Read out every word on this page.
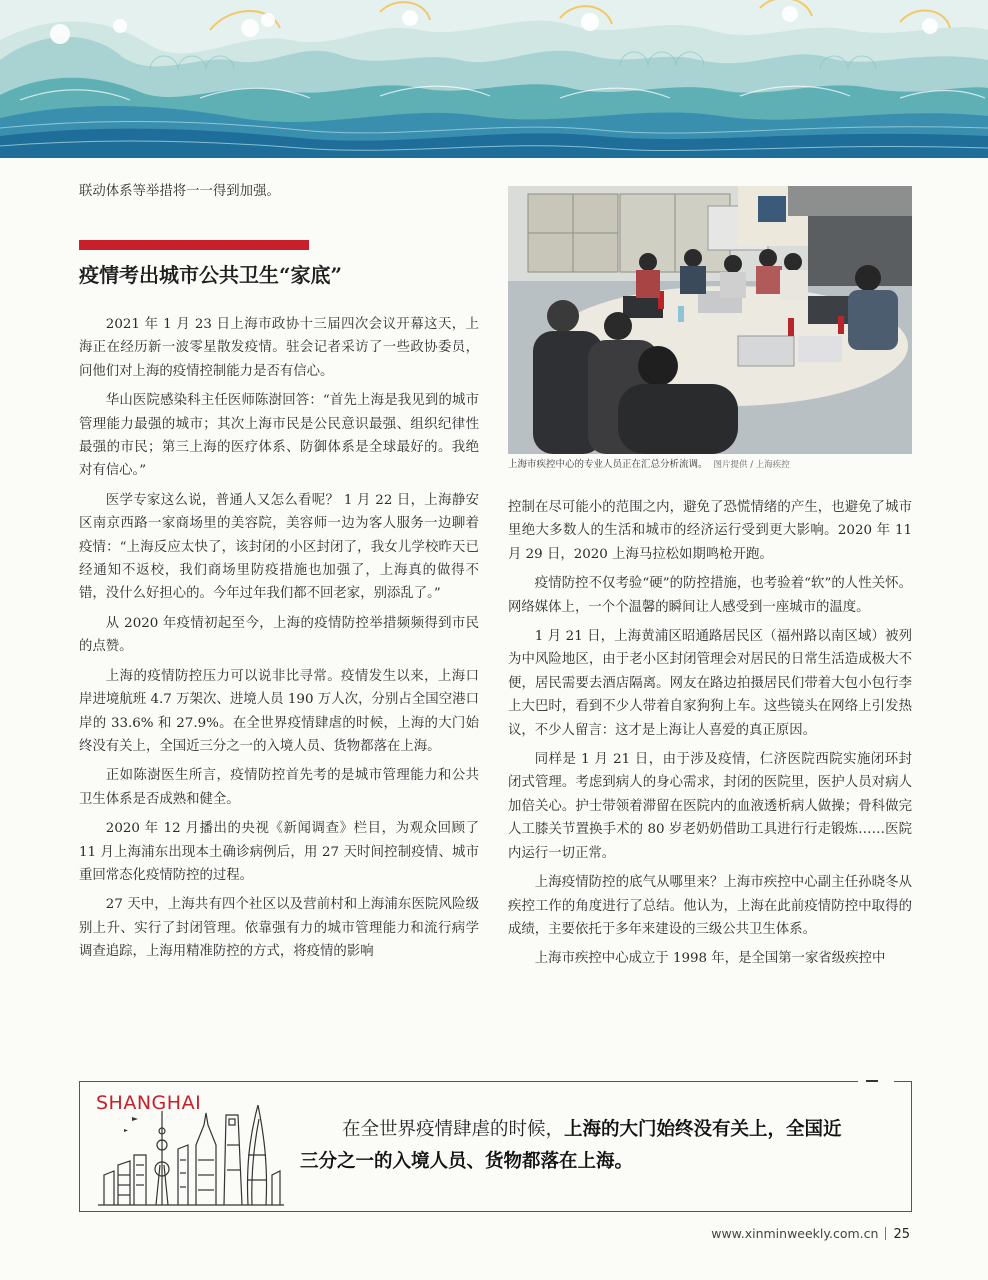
联动体系等举措将一一得到加强。

疫情考出城市公共卫生“家底”

2021 年 1 月 23 日上海市政协十三届四次会议开幕这天，上海正在经历新一波零星散发疫情。驻会记者采访了一些政协委员，问他们对上海的疫情控制能力是否有信心。

华山医院感染科主任医师陈澍回答：“首先上海是我见到的城市管理能力最强的城市；其次上海市民是公民意识最强、组织纪律性最强的市民；第三上海的医疗体系、防御体系是全球最好的。我绝对有信心。”

医学专家这么说，普通人又怎么看呢？ 1 月 22 日，上海静安区南京西路一家商场里的美容院，美容师一边为客人服务一边聊着疫情：“上海反应太快了，该封闭的小区封闭了，我女儿学校昨天已经通知不返校，我们商场里防疫措施也加强了，上海真的做得不错，没什么好担心的。今年过年我们都不回老家，别添乱了。”

从 2020 年疫情初起至今，上海的疫情防控举措频频得到市民的点赞。

上海的疫情防控压力可以说非比寻常。疫情发生以来，上海口岸进境航班 4.7 万架次、进境人员 190 万人次，分别占全国空港口岸的 33.6% 和 27.9%。在全世界疫情肆虐的时候，上海的大门始终没有关上，全国近三分之一的入境人员、货物都落在上海。

正如陈澍医生所言，疫情防控首先考的是城市管理能力和公共卫生体系是否成熟和健全。

2020 年 12 月播出的央视《新闻调查》栏目，为观众回顾了 11 月上海浦东出现本土确诊病例后，用 27 天时间控制疫情、城市重回常态化疫情防控的过程。

27 天中，上海共有四个社区以及营前村和上海浦东医院风险级别上升、实行了封闭管理。依靠强有力的城市管理能力和流行病学调查追踪，上海用精准防控的方式，将疫情的影响

上海市疾控中心的专业人员正在汇总分析流调。 图片提供 / 上海疾控

控制在尽可能小的范围之内，避免了恐慌情绪的产生，也避免了城市里绝大多数人的生活和城市的经济运行受到更大影响。2020 年 11 月 29 日，2020 上海马拉松如期鸣枪开跑。

疫情防控不仅考验“硬”的防控措施，也考验着“软”的人性关怀。网络媒体上，一个个温馨的瞬间让人感受到一座城市的温度。

1 月 21 日，上海黄浦区昭通路居民区（福州路以南区域）被列为中风险地区，由于老小区封闭管理会对居民的日常生活造成极大不便，居民需要去酒店隔离。网友在路边拍摄居民们带着大包小包行李上大巴时，看到不少人带着自家狗狗上车。这些镜头在网络上引发热议，不少人留言：这才是上海让人喜爱的真正原因。

同样是 1 月 21 日，由于涉及疫情，仁济医院西院实施闭环封闭式管理。考虑到病人的身心需求，封闭的医院里，医护人员对病人加倍关心。护士带领着滞留在医院内的血液透析病人做操；骨科做完人工膝关节置换手术的 80 岁老奶奶借助工具进行行走锻炼……医院内运行一切正常。

上海疫情防控的底气从哪里来？上海市疾控中心副主任孙晓冬从疾控工作的角度进行了总结。他认为，上海在此前疫情防控中取得的成绩，主要依托于多年来建设的三级公共卫生体系。

上海市疾控中心成立于 1998 年，是全国第一家省级疾控中

SHANGHAI
在全世界疫情肆虐的时候，上海的大门始终没有关上，全国近
三分之一的入境人员、货物都落在上海。
www.xinminweekly.com.cn 25
